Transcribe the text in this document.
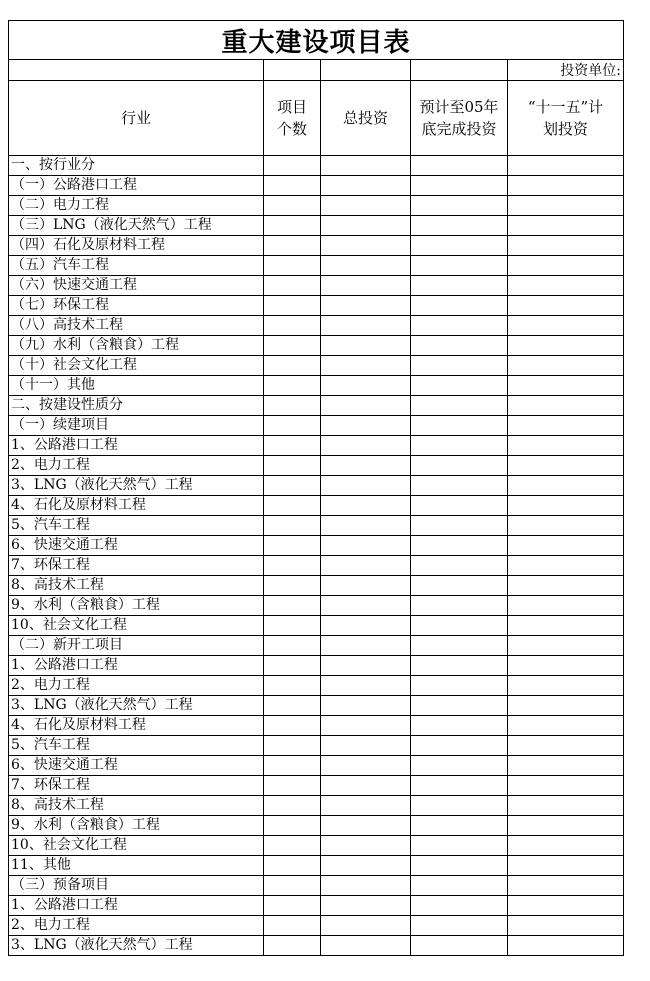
重大建设项目表				
				投资单位:
行业	项目个数	总投资	预计至05年底完成投资	“十一五”计划投资
一、按行业分				
（一）公路港口工程				
（二）电力工程				
（三）LNG（液化天然气）工程				
（四）石化及原材料工程				
（五）汽车工程				
（六）快速交通工程				
（七）环保工程				
（八）高技术工程				
（九）水利（含粮食）工程				
（十）社会文化工程				
（十一）其他				
二、按建设性质分				
（一）续建项目				
1、公路港口工程				
2、电力工程				
3、LNG（液化天然气）工程				
4、石化及原材料工程				
5、汽车工程				
6、快速交通工程				
7、环保工程				
8、高技术工程				
9、水利（含粮食）工程				
10、社会文化工程				
（二）新开工项目				
1、公路港口工程				
2、电力工程				
3、LNG（液化天然气）工程				
4、石化及原材料工程				
5、汽车工程				
6、快速交通工程				
7、环保工程				
8、高技术工程				
9、水利（含粮食）工程				
10、社会文化工程				
11、其他				
（三）预备项目				
1、公路港口工程				
2、电力工程				
3、LNG（液化天然气）工程				
